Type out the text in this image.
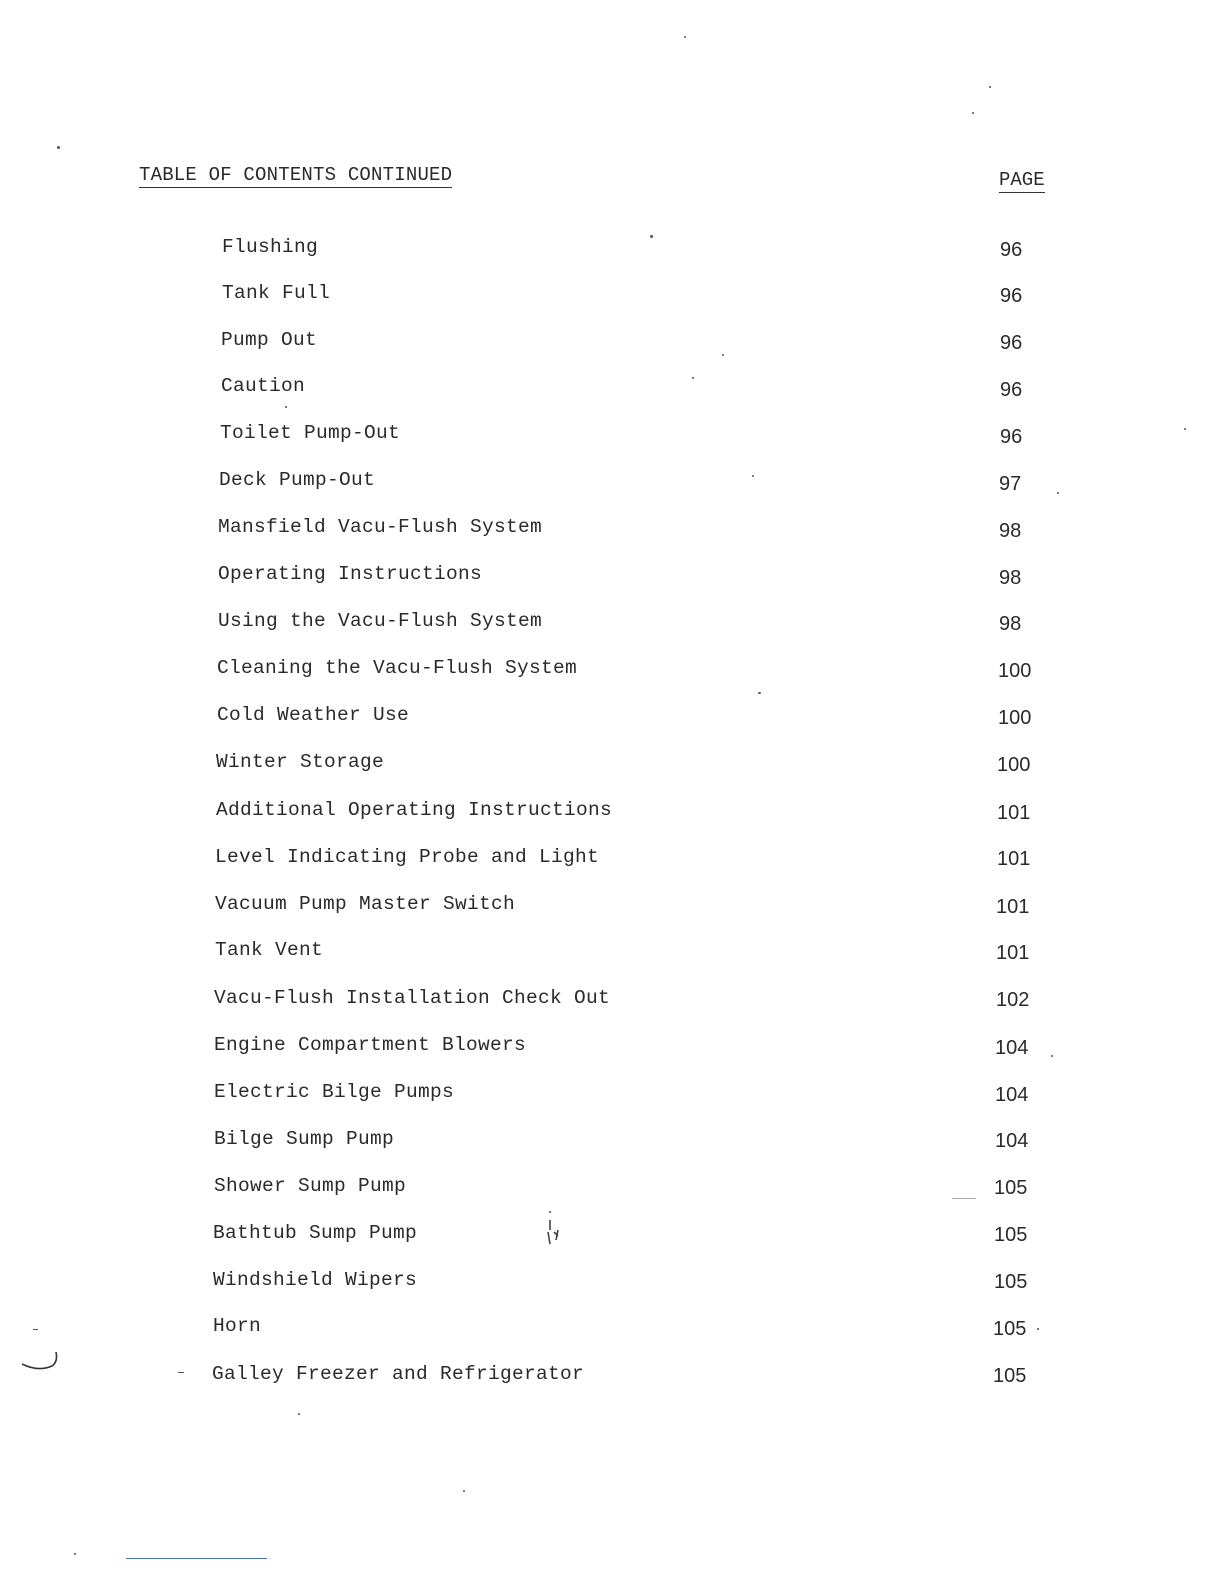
TABLE OF CONTENTS CONTINUED	PAGE
Flushing	96
Tank Full	96
Pump Out	96
Caution	96
Toilet Pump-Out	96
Deck Pump-Out	97
Mansfield Vacu-Flush System	98
Operating Instructions	98
Using the Vacu-Flush System	98
Cleaning the Vacu-Flush System	100
Cold Weather Use	100
Winter Storage	100
Additional Operating Instructions	101
Level Indicating Probe and Light	101
Vacuum Pump Master Switch	101
Tank Vent	101
Vacu-Flush Installation Check Out	102
Engine Compartment Blowers	104
Electric Bilge Pumps	104
Bilge Sump Pump	104
Shower Sump Pump	105
Bathtub Sump Pump	105
Windshield Wipers	105
Horn	105
Galley Freezer and Refrigerator	105
